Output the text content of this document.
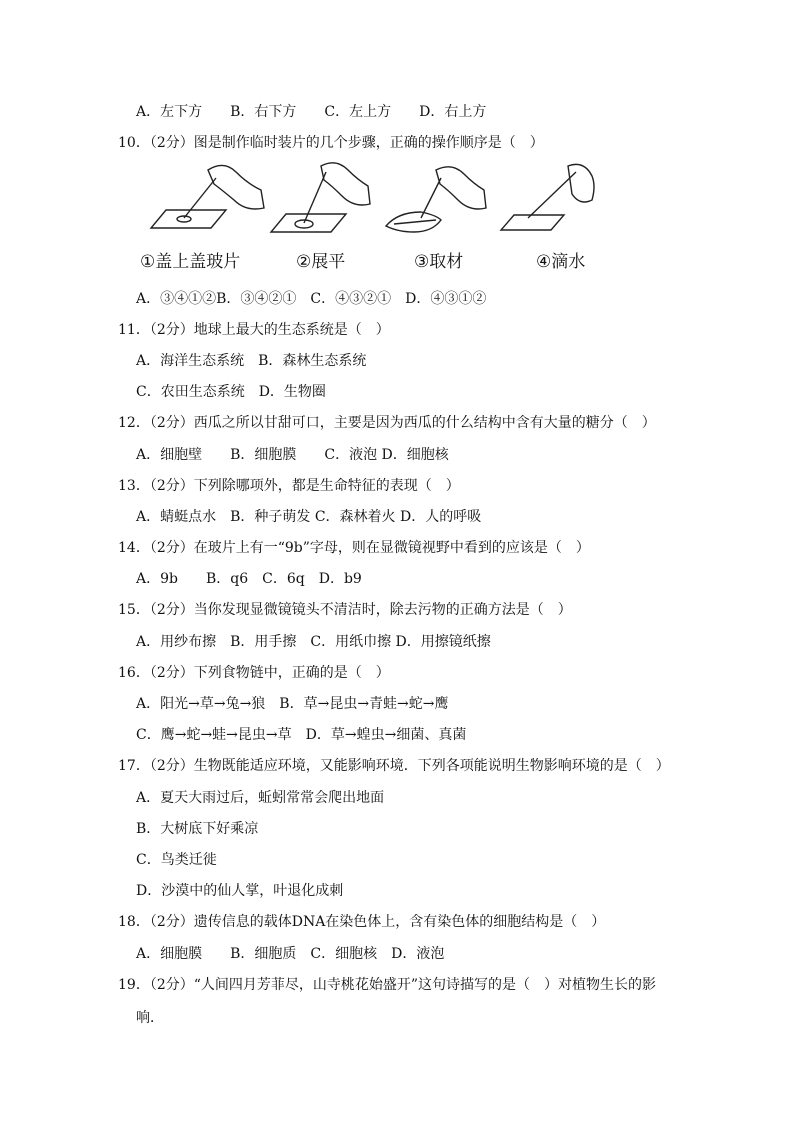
A．左下方　　B．右下方　　C．左上方　　D．右上方
10．（2分）图是制作临时装片的几个步骤，正确的操作顺序是（　）
①盖上盖玻片	②展平	③取材	④滴水
A．③④①②B．③④②①　C．④③②①　D．④③①②
11．（2分）地球上最大的生态系统是（　）
A．海洋生态系统　B．森林生态系统
C．农田生态系统　D．生物圈
12．（2分）西瓜之所以甘甜可口，主要是因为西瓜的什么结构中含有大量的糖分（　）
A．细胞壁　　B．细胞膜　　C．液泡 D．细胞核
13．（2分）下列除哪项外，都是生命特征的表现（　）
A．蜻蜓点水　B．种子萌发 C．森林着火 D．人的呼吸
14．（2分）在玻片上有一“9b”字母，则在显微镜视野中看到的应该是（　）
A．9b　　B．q6　C．6q　D．b9
15．（2分）当你发现显微镜镜头不清洁时，除去污物的正确方法是（　）
A．用纱布擦　B．用手擦　C．用纸巾擦 D．用擦镜纸擦
16．（2分）下列食物链中，正确的是（　）
A．阳光→草→兔→狼　B．草→昆虫→青蛙→蛇→鹰
C．鹰→蛇→蛙→昆虫→草　D．草→蝗虫→细菌、真菌
17．（2分）生物既能适应环境，又能影响环境．下列各项能说明生物影响环境的是（　）
A．夏天大雨过后，蚯蚓常常会爬出地面
B．大树底下好乘凉
C．鸟类迁徙
D．沙漠中的仙人掌，叶退化成刺
18．（2分）遗传信息的载体DNA在染色体上，含有染色体的细胞结构是（　）
A．细胞膜　　B．细胞质　C．细胞核　D．液泡
19．（2分）“人间四月芳菲尽，山寺桃花始盛开”这句诗描写的是（　）对植物生长的影
响．
